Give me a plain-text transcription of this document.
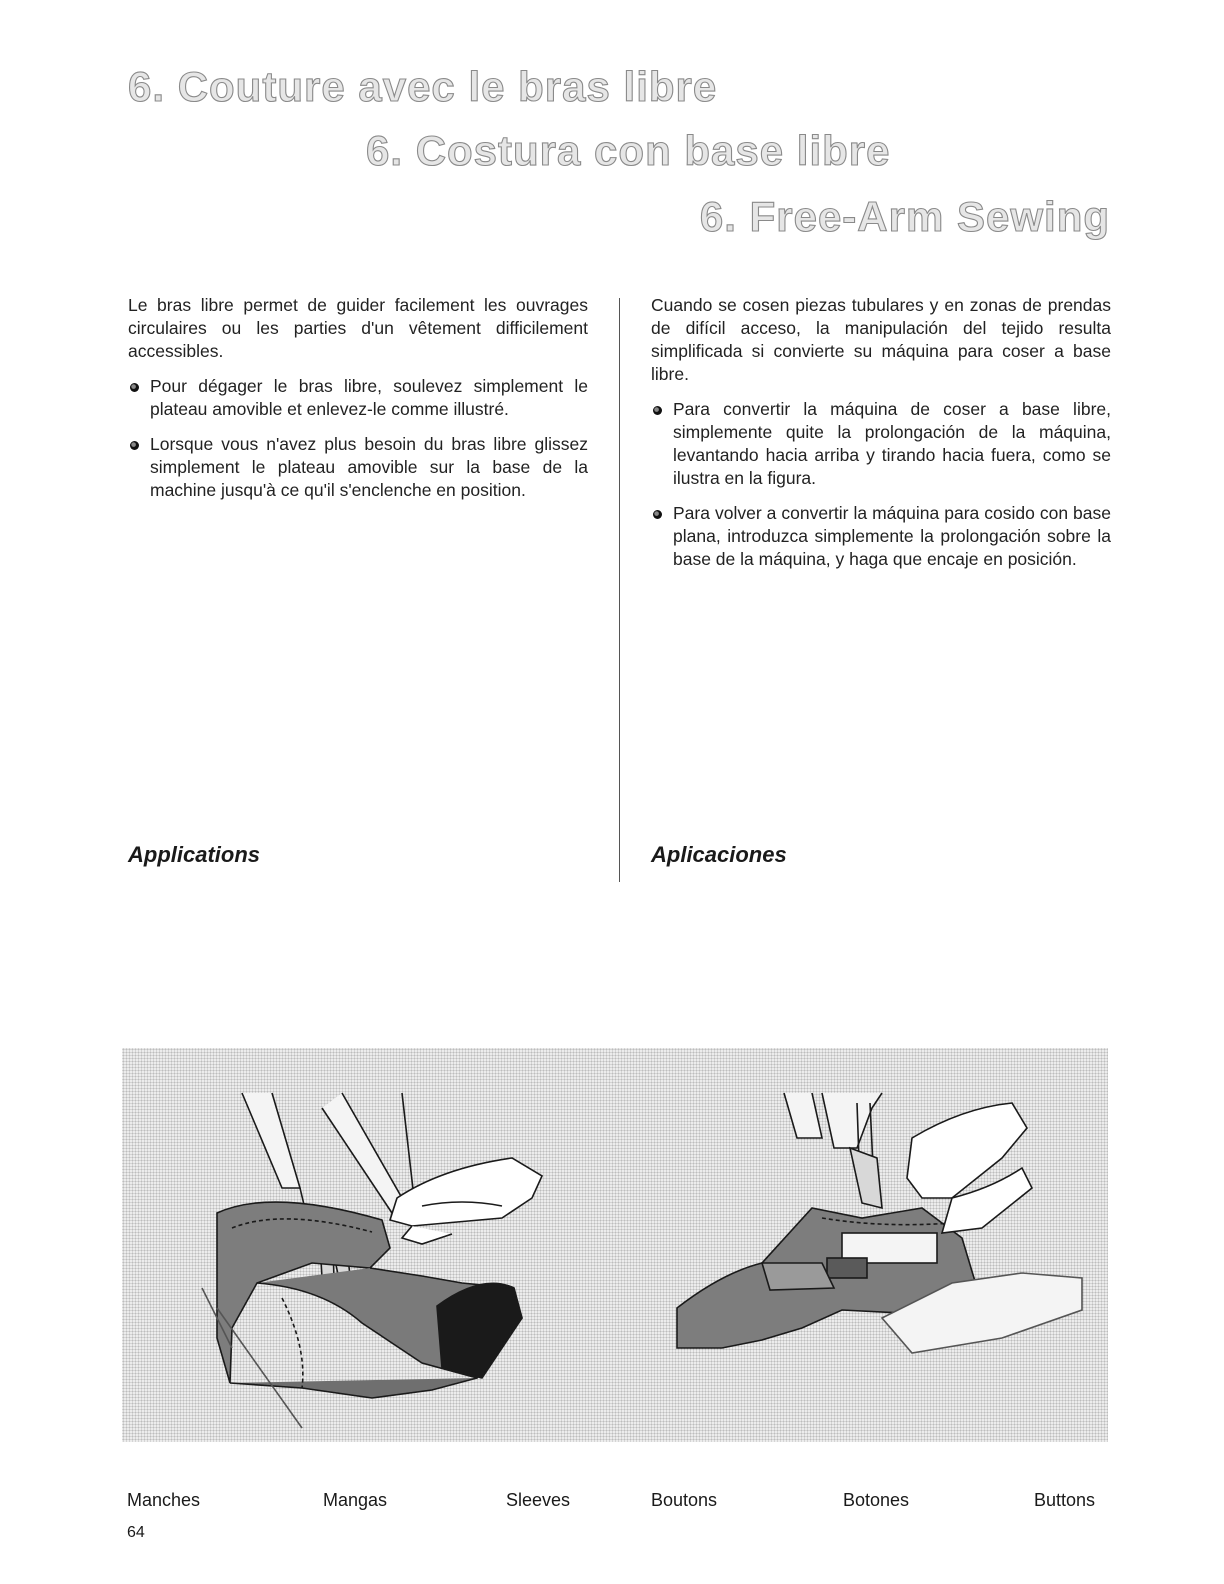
6. Couture avec le bras libre
6. Costura con base libre
6. Free-Arm Sewing

Le bras libre permet de guider facilement les ouvrages circulaires ou les parties d'un vêtement difficilement accessibles.

Pour dégager le bras libre, soulevez simplement le plateau amovible et enlevez-le comme illustré.
Lorsque vous n'avez plus besoin du bras libre glissez simplement le plateau amovible sur la base de la machine jusqu'à ce qu'il s'enclenche en position.

Cuando se cosen piezas tubulares y en zonas de prendas de difícil acceso, la manipulación del tejido resulta simplificada si convierte su máquina para coser a base libre.

Para convertir la máquina de coser a base libre, simplemente quite la prolongación de la máquina, levantando hacia arriba y tirando hacia fuera, como se ilustra en la figura.
Para volver a convertir la máquina para cosido con base plana, introduzca simplemente la prolongación sobre la base de la máquina, y haga que encaje en posición.
Applications	Aplicaciones
Manches	Mangas	Sleeves	Boutons	Botones	Buttons
64
